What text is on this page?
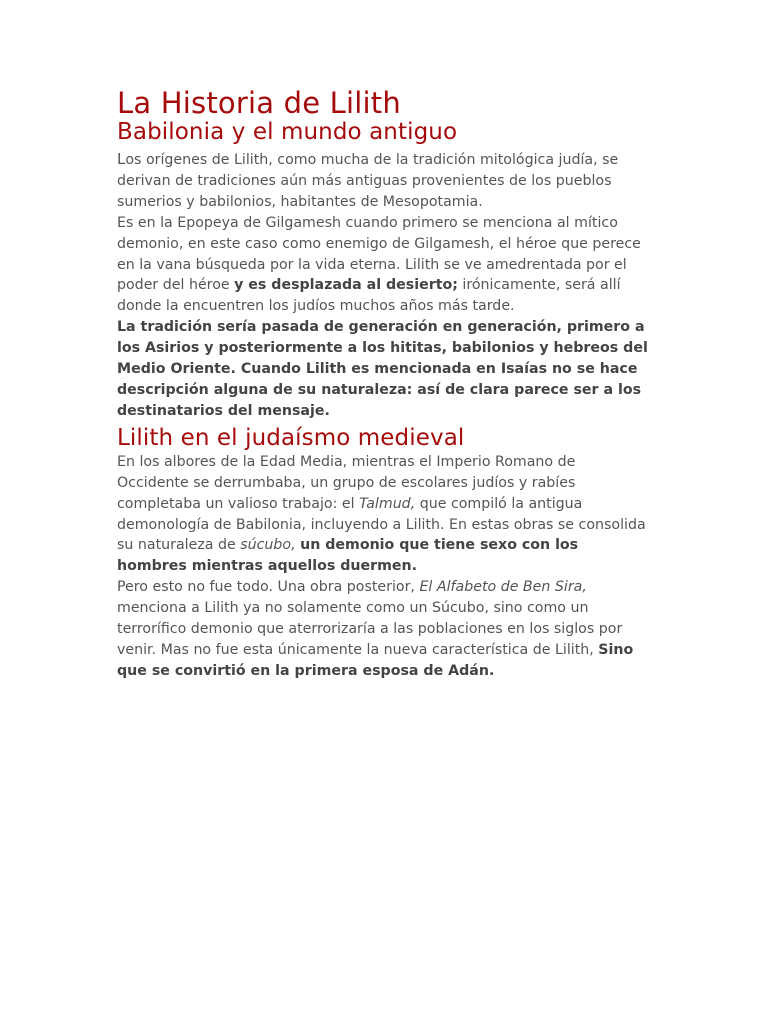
La Historia de Lilith
Babilonia y el mundo antiguo

Los orígenes de Lilith, como mucha de la tradición mitológica judía, se derivan de tradiciones aún más antiguas provenientes de los pueblos sumerios y babilonios, habitantes de Mesopotamia.

Es en la Epopeya de Gilgamesh cuando primero se menciona al mítico demonio, en este caso como enemigo de Gilgamesh, el héroe que perece en la vana búsqueda por la vida eterna. Lilith se ve amedrentada por el poder del héroe y es desplazada al desierto; irónicamente, será allí donde la encuentren los judíos muchos años más tarde.

La tradición sería pasada de generación en generación, primero a los Asirios y posteriormente a los hititas, babilonios y hebreos del Medio Oriente. Cuando Lilith es mencionada en Isaías no se hace descripción alguna de su naturaleza: así de clara parece ser a los destinatarios del mensaje.

Lilith en el judaísmo medieval

En los albores de la Edad Media, mientras el Imperio Romano de Occidente se derrumbaba, un grupo de escolares judíos y rabíes completaba un valioso trabajo: el Talmud, que compiló la antigua demonología de Babilonia, incluyendo a Lilith. En estas obras se consolida su naturaleza de súcubo, un demonio que tiene sexo con los hombres mientras aquellos duermen.

Pero esto no fue todo. Una obra posterior, El Alfabeto de Ben Sira, menciona a Lilith ya no solamente como un Súcubo, sino como un terrorífico demonio que aterrorizaría a las poblaciones en los siglos por venir. Mas no fue esta únicamente la nueva característica de Lilith, Sino que se convirtió en la primera esposa de Adán.
